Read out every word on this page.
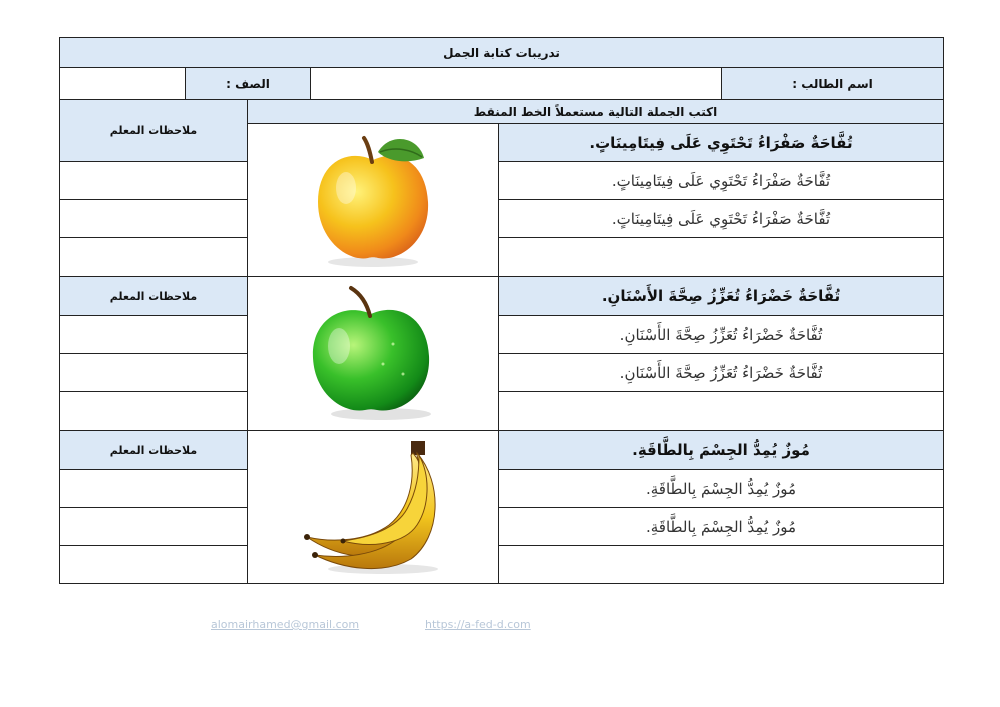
تدريبات كتابة الجمل
اسم الطالب :
الصف :
اكتب الجملة التالية مستعملاً الخط المنقط
تُفَّاحَةٌ صَفْرَاءُ تَحْتَوِي عَلَى فِيتَامِينَاتٍ.
تُفَّاحَةٌ صَفْرَاءُ تَحْتَوِي عَلَى فِيتَامِينَاتٍ.
تُفَّاحَةٌ صَفْرَاءُ تَحْتَوِي عَلَى فِيتَامِينَاتٍ.
ملاحظات المعلم
تُفَّاحَةٌ خَضْرَاءُ تُعَزِّزُ صِحَّةَ الأَسْنَانِ.
تُفَّاحَةٌ خَضْرَاءُ تُعَزِّزُ صِحَّةَ الأَسْنَانِ.
تُفَّاحَةٌ خَضْرَاءُ تُعَزِّزُ صِحَّةَ الأَسْنَانِ.
ملاحظات المعلم
مُوزٌ يُمِدُّ الجِسْمَ بِالطَّاقَةِ.
مُوزٌ يُمِدُّ الجِسْمَ بِالطَّاقَةِ.
مُوزٌ يُمِدُّ الجِسْمَ بِالطَّاقَةِ.
ملاحظات المعلم
alomairhamed@gmail.com	https://a-fed-d.com
